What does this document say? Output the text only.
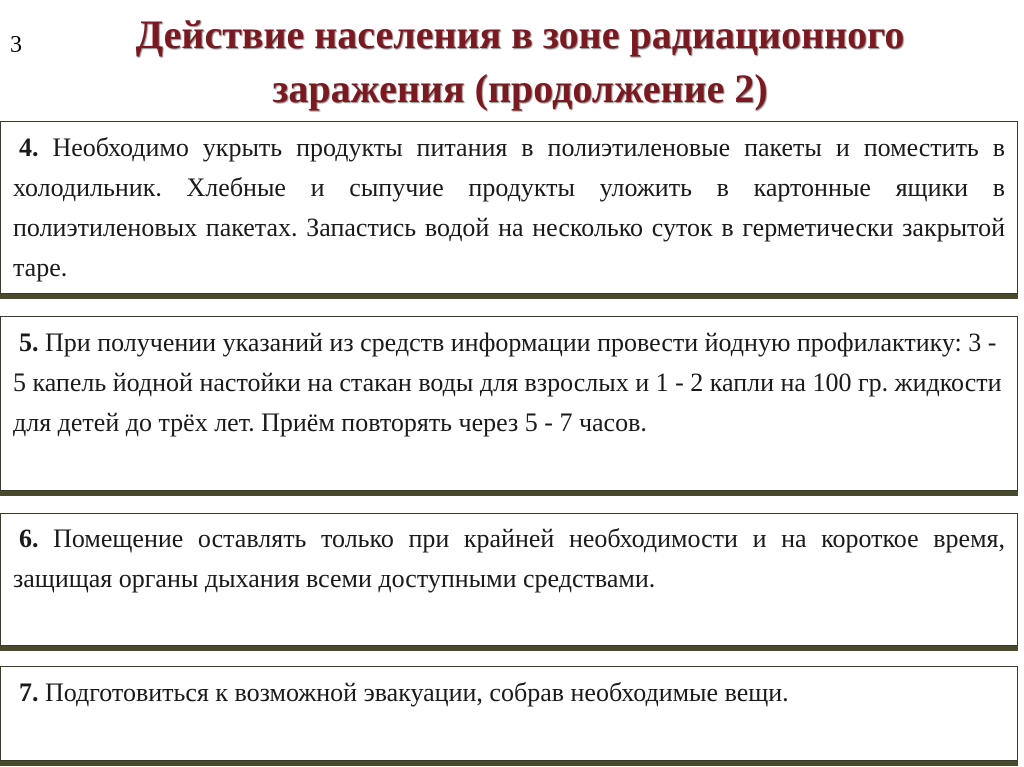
3	Действие населения в зоне радиационного
заражения (продолжение 2)

4. Необходимо укрыть продукты питания в полиэтиленовые пакеты и поместить в холодильник. Хлебные и сыпучие продукты уложить в картонные ящики в полиэтиленовых пакетах. Запастись водой на несколько суток в герметически закрытой таре.

5. При получении указаний из средств информации провести йодную профилактику: 3 - 5 капель йодной настойки на стакан воды для взрослых и 1 - 2 капли на 100 гр. жидкости для детей до трёх лет. Приём повторять через 5 - 7 часов.

6. Помещение оставлять только при крайней необходимости и на короткое время, защищая органы дыхания всеми доступными средствами.

7. Подготовиться к возможной эвакуации, собрав необходимые вещи.
